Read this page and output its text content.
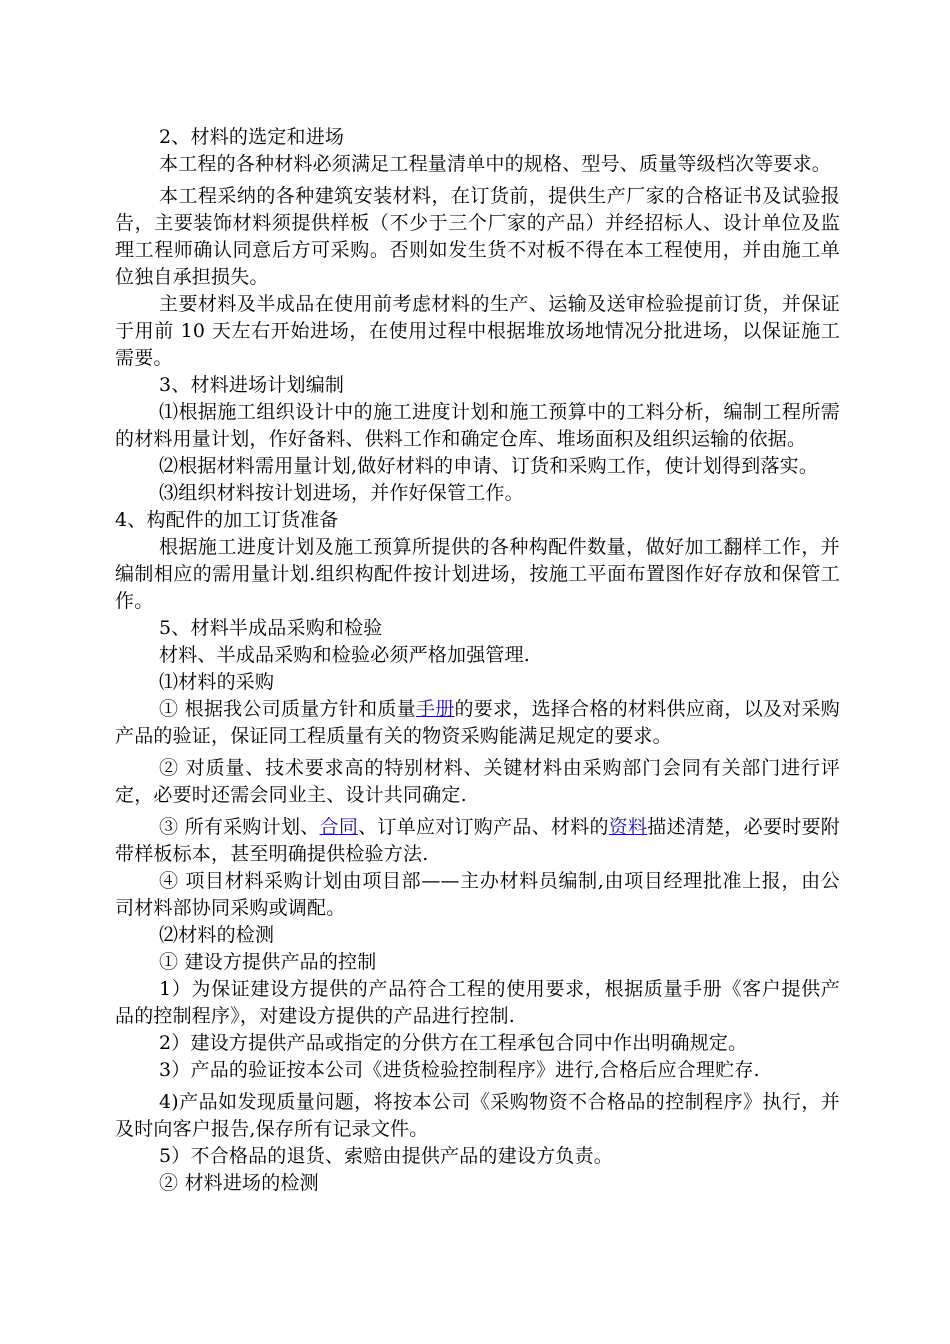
2、材料的选定和进场

本工程的各种材料必须满足工程量清单中的规格、型号、质量等级档次等要求。

本工程采纳的各种建筑安装材料，在订货前，提供生产厂家的合格证书及试验报告，主要装饰材料须提供样板（不少于三个厂家的产品）并经招标人、设计单位及监理工程师确认同意后方可采购。否则如发生货不对板不得在本工程使用，并由施工单位独自承担损失。

主要材料及半成品在使用前考虑材料的生产、运输及送审检验提前订货，并保证于用前 10 天左右开始进场，在使用过程中根据堆放场地情况分批进场，以保证施工需要。

3、材料进场计划编制

⑴根据施工组织设计中的施工进度计划和施工预算中的工料分析，编制工程所需的材料用量计划，作好备料、供料工作和确定仓库、堆场面积及组织运输的依据。

⑵根据材料需用量计划,做好材料的申请、订货和采购工作，使计划得到落实。

⑶组织材料按计划进场，并作好保管工作。

4、构配件的加工订货准备

根据施工进度计划及施工预算所提供的各种构配件数量，做好加工翻样工作，并编制相应的需用量计划.组织构配件按计划进场，按施工平面布置图作好存放和保管工作。

5、材料半成品采购和检验

材料、半成品采购和检验必须严格加强管理.

⑴材料的采购

① 根据我公司质量方针和质量手册的要求，选择合格的材料供应商，以及对采购产品的验证，保证同工程质量有关的物资采购能满足规定的要求。

② 对质量、技术要求高的特别材料、关键材料由采购部门会同有关部门进行评定，必要时还需会同业主、设计共同确定.

③ 所有采购计划、合同、订单应对订购产品、材料的资料描述清楚，必要时要附带样板标本，甚至明确提供检验方法.

④ 项目材料采购计划由项目部——主办材料员编制,由项目经理批准上报，由公司材料部协同采购或调配。

⑵材料的检测

① 建设方提供产品的控制

1）为保证建设方提供的产品符合工程的使用要求，根据质量手册《客户提供产品的控制程序》，对建设方提供的产品进行控制.

2）建设方提供产品或指定的分供方在工程承包合同中作出明确规定。

3）产品的验证按本公司《进货检验控制程序》进行,合格后应合理贮存.

4)产品如发现质量问题，将按本公司《采购物资不合格品的控制程序》执行，并及时向客户报告,保存所有记录文件。

5）不合格品的退货、索赔由提供产品的建设方负责。

② 材料进场的检测
